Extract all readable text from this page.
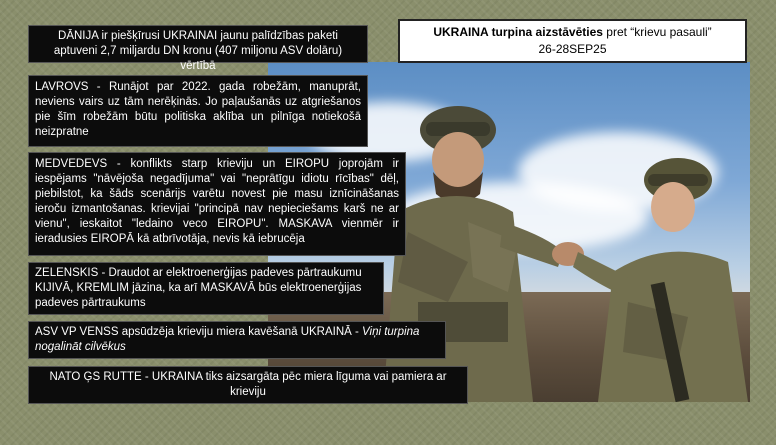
UKRAINA turpina aizstāvēties pret “krievu pasauli”
26-28SEP25
DĀNIJA ir piešķīrusi UKRAINAI jaunu palīdzības paketi aptuveni 2,7 miljardu DN kronu (407 miljonu ASV dolāru) vērtībā
LAVROVS - Runājot par 2022. gada robežām, manuprāt, neviens vairs uz tām nerēķinās. Jo paļaušanās uz atgriešanos pie šīm robežām būtu politiska aklība un pilnīga notiekošā neizpratne
MEDVEDEVS - konflikts starp krieviju un EIROPU joprojām ir iespējams "nāvējoša negadījuma" vai "neprātīgu idiotu rīcības" dēļ, piebilstot, ka šāds scenārijs varētu novest pie masu iznīcināšanas ieroču izmantošanas. krievijai "principā nav nepieciešams karš ne ar vienu", ieskaitot "ledaino veco EIROPU". MASKAVA vienmēr ir ieradusies EIROPĀ kā atbrīvotāja, nevis kā iebrucēja
ZELENSKIS - Draudot ar elektroenerģijas padeves pārtraukumu KIJIVĀ, KREMLIM jāzina, ka arī MASKAVĀ būs elektroenerģijas padeves pārtraukums
ASV VP VENSS apsūdzēja krieviju miera kavēšanā UKRAINĀ - Viņi turpina nogalināt cilvēkus
NATO ĢS RUTTE - UKRAINA tiks aizsargāta pēc miera līguma vai pamiera ar krieviju
